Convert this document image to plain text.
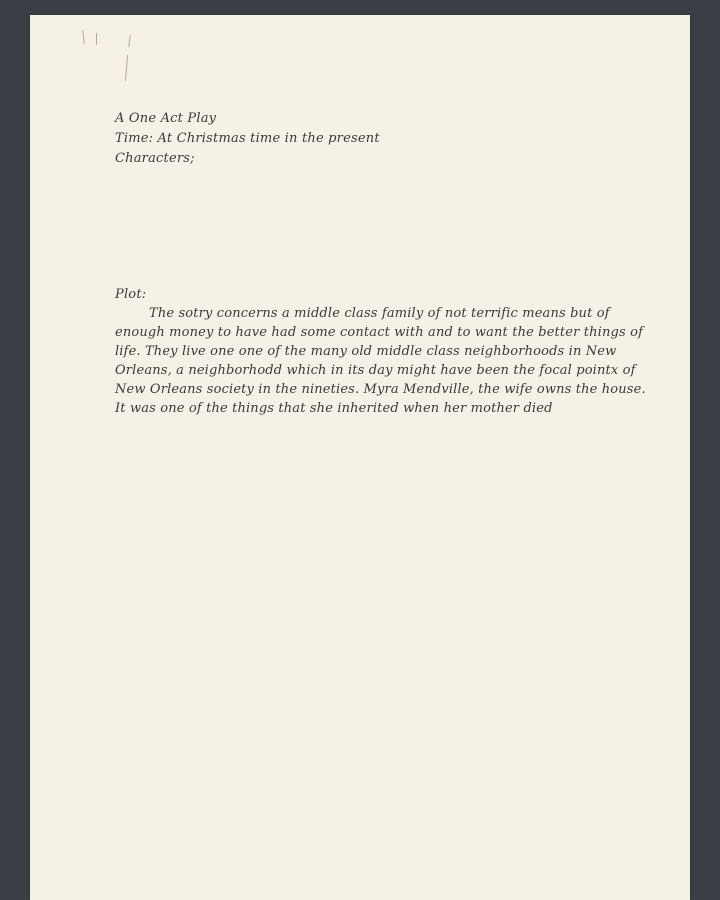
A One Act Play
Time: At Christmas time in the present
Characters;
Plot:
The sotry concerns a middle class family of not terrific means but of
enough money to have had some contact with and to want the better things of
life. They live one one of the many old middle class neighborhoods in New
Orleans, a neighborhodd which in its day might have been the focal pointx of
New Orleans society in the nineties. Myra Mendville, the wife owns the house.
It was one of the things that she inherited when her mother died
